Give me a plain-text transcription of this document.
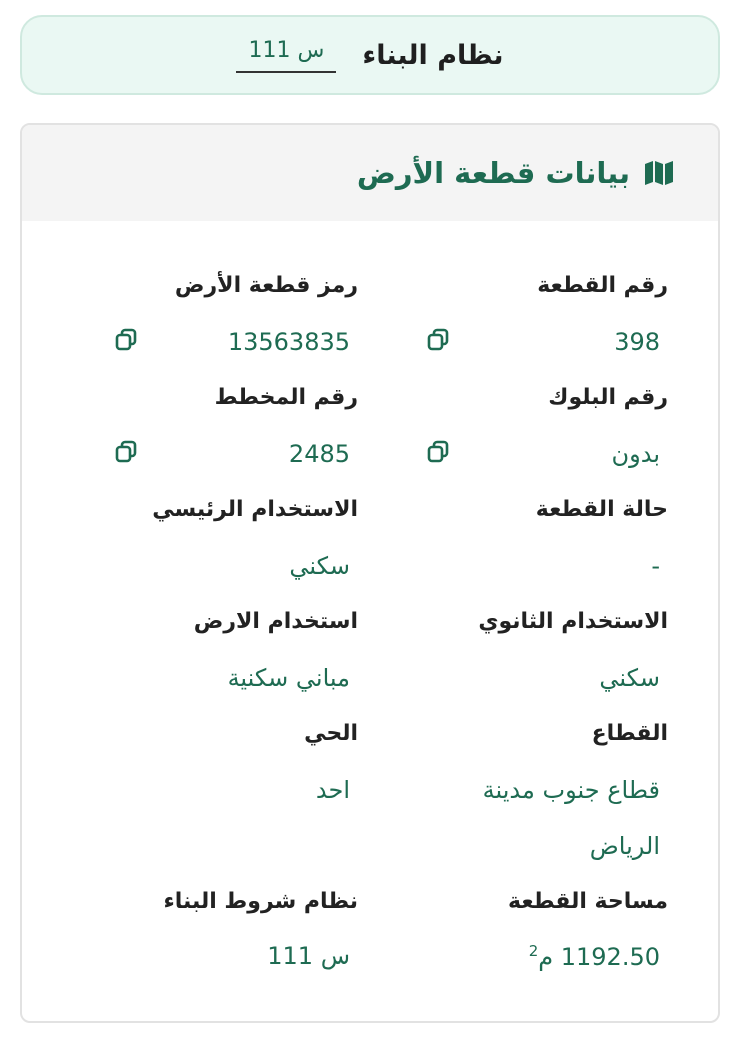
نظام البناء
س 111
بيانات قطعة الأرض
رقم القطعة
رمز قطعة الأرض
398
13563835
رقم البلوك
رقم المخطط
بدون
2485
حالة القطعة
الاستخدام الرئيسي
-
سكني
الاستخدام الثانوي
استخدام الارض
سكني
مباني سكنية
القطاع
الحي
قطاع جنوب مدينة
الرياض
احد
مساحة القطعة
نظام شروط البناء
1192.50 م$^2$
س 111
